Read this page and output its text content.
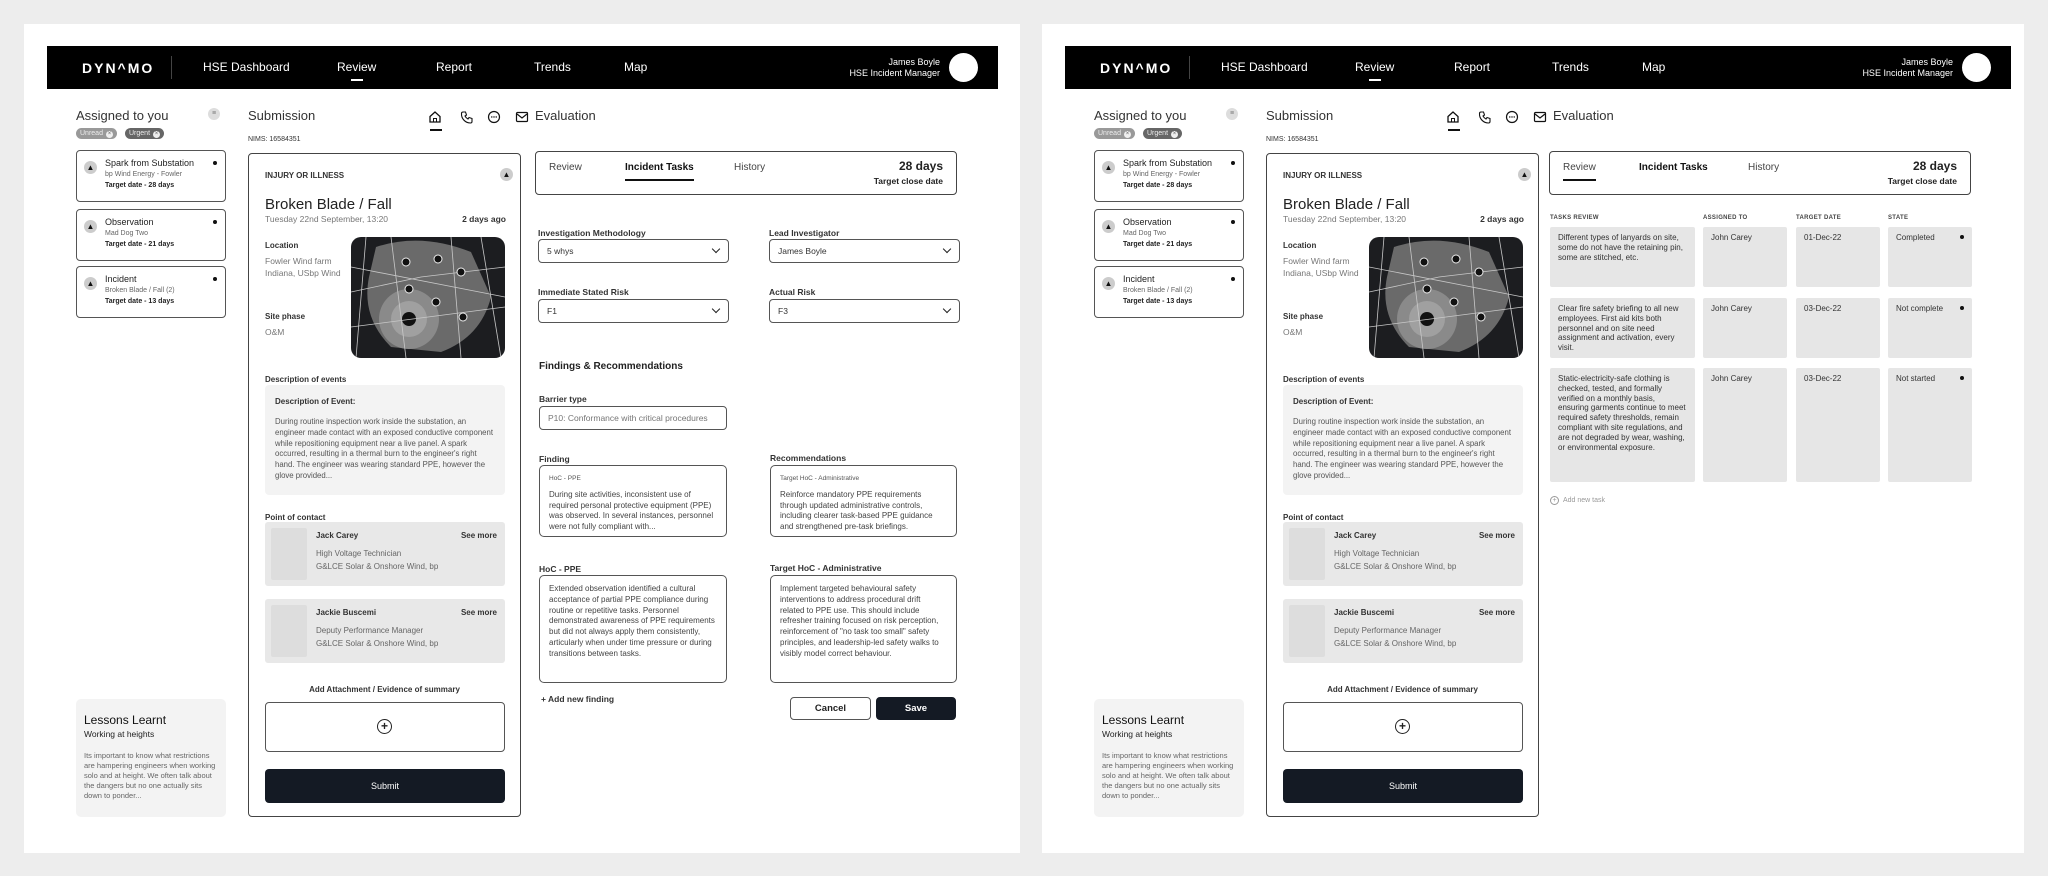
DYN^MO	HSE Dashboard	Review	Report	Trends	Map	James Boyle
HSE Incident Manager
Assigned to you	≡
Unread ×	Urgent ×
▲ Spark from Substation
bp Wind Energy - Fowler
Target date - 28 days
▲ Observation
Mad Dog Two
Target date - 21 days
▲ Incident
Broken Blade / Fall (2)
Target date - 13 days
Lessons Learnt
Working at heights
Its important to know what restrictions are hampering engineers when working solo and at height. We often talk about the dangers but no one actually sits down to ponder...
Submission
NIMS: 16584351
INJURY OR ILLNESS	▲
Broken Blade / Fall
Tuesday 22nd September, 13:20	2 days ago
Location
Fowler Wind farm
Indiana, USbp Wind
Site phase
O&M
Description of events
Description of Event:
During routine inspection work inside the substation, an engineer made contact with an exposed conductive component while repositioning equipment near a live panel. A spark occurred, resulting in a thermal burn to the engineer's right hand. The engineer was wearing standard PPE, however the glove provided...
Point of contact
Jack Carey
High Voltage Technician
G&LCE Solar & Onshore Wind, bp
See more
Jackie Buscemi
Deputy Performance Manager
G&LCE Solar & Onshore Wind, bp
See more
Add Attachment / Evidence of summary
+
Submit
Evaluation
Review	Incident Tasks	History	28 days
Target close date
Investigation Methodology
5 whys
Lead Investigator
James Boyle
Immediate Stated Risk
F1
Actual Risk
F3
Findings & Recommendations
Barrier type
P10: Conformance with critical procedures
Finding
HoC - PPE
During site activities, inconsistent use of required personal protective equipment (PPE) was observed. In several instances, personnel were not fully compliant with...
Recommendations
Target HoC - Administrative
Reinforce mandatory PPE requirements through updated administrative controls, including clearer task-based PPE guidance and strengthened pre-task briefings.
HoC - PPE
Extended observation identified a cultural acceptance of partial PPE compliance during routine or repetitive tasks. Personnel demonstrated awareness of PPE requirements but did not always apply them consistently, articularly when under time pressure or during transitions between tasks.
Target HoC - Administrative
Implement targeted behavioural safety interventions to address procedural drift related to PPE use. This should include refresher training focused on risk perception, reinforcement of "no task too small" safety principles, and leadership-led safety walks to visibly model correct behaviour.
+ Add new finding
Cancel	Save
DYN^MO	HSE Dashboard	Review	Report	Trends	Map	James Boyle
HSE Incident Manager
Assigned to you	≡
Unread ×	Urgent ×
▲ Spark from Substation
bp Wind Energy - Fowler
Target date - 28 days
▲ Observation
Mad Dog Two
Target date - 21 days
▲ Incident
Broken Blade / Fall (2)
Target date - 13 days
Lessons Learnt
Working at heights
Its important to know what restrictions are hampering engineers when working solo and at height. We often talk about the dangers but no one actually sits down to ponder...
Submission
NIMS: 16584351
INJURY OR ILLNESS	▲
Broken Blade / Fall
Tuesday 22nd September, 13:20	2 days ago
Location
Fowler Wind farm
Indiana, USbp Wind
Site phase
O&M
Description of events
Description of Event:
During routine inspection work inside the substation, an engineer made contact with an exposed conductive component while repositioning equipment near a live panel. A spark occurred, resulting in a thermal burn to the engineer's right hand. The engineer was wearing standard PPE, however the glove provided...
Point of contact
Jack Carey
High Voltage Technician
G&LCE Solar & Onshore Wind, bp
See more
Jackie Buscemi
Deputy Performance Manager
G&LCE Solar & Onshore Wind, bp
See more
Add Attachment / Evidence of summary
+
Submit
Evaluation
Review	Incident Tasks	History	28 days
Target close date
TASKS REVIEW	ASSIGNED TO	TARGET DATE	STATE
Different types of lanyards on site, some do not have the retaining pin, some are stitched, etc.
John Carey	01-Dec-22	Completed
Clear fire safety briefing to all new employees. First aid kits both personnel and on site need assignment and activation, every visit.
John Carey	03-Dec-22	Not complete
Static-electricity-safe clothing is checked, tested, and formally verified on a monthly basis, ensuring garments continue to meet required safety thresholds, remain compliant with site regulations, and are not degraded by wear, washing, or environmental exposure.
John Carey	03-Dec-22	Not started
+ Add new task
